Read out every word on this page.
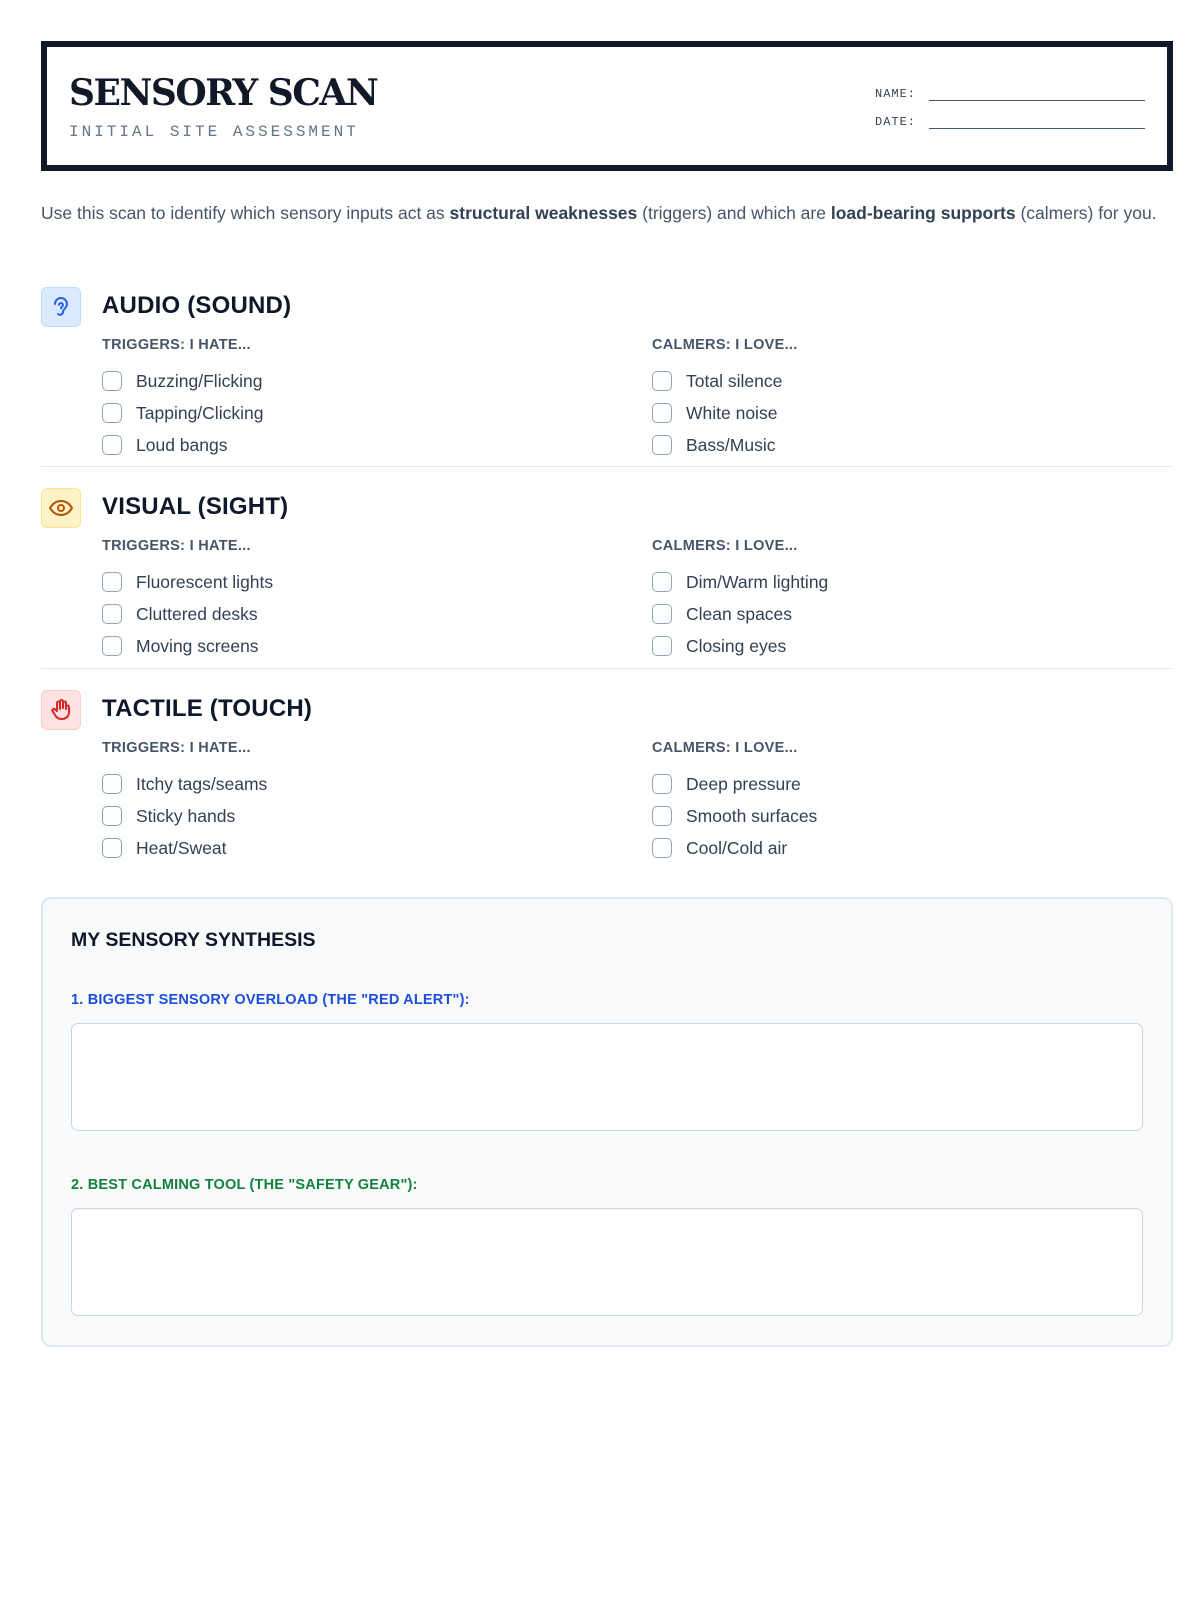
SENSORY SCAN
INITIAL SITE ASSESSMENT
NAME:
DATE:

Use this scan to identify which sensory inputs act as structural weaknesses (triggers) and which are load-bearing supports (calmers) for you.

AUDIO (SOUND)
TRIGGERS: I HATE...
Buzzing/Flicking
Tapping/Clicking
Loud bangs
CALMERS: I LOVE...
Total silence
White noise
Bass/Music
VISUAL (SIGHT)
TRIGGERS: I HATE...
Fluorescent lights
Cluttered desks
Moving screens
CALMERS: I LOVE...
Dim/Warm lighting
Clean spaces
Closing eyes
TACTILE (TOUCH)
TRIGGERS: I HATE...
Itchy tags/seams
Sticky hands
Heat/Sweat
CALMERS: I LOVE...
Deep pressure
Smooth surfaces
Cool/Cold air
MY SENSORY SYNTHESIS
1. BIGGEST SENSORY OVERLOAD (THE "RED ALERT"):
2. BEST CALMING TOOL (THE "SAFETY GEAR"):
